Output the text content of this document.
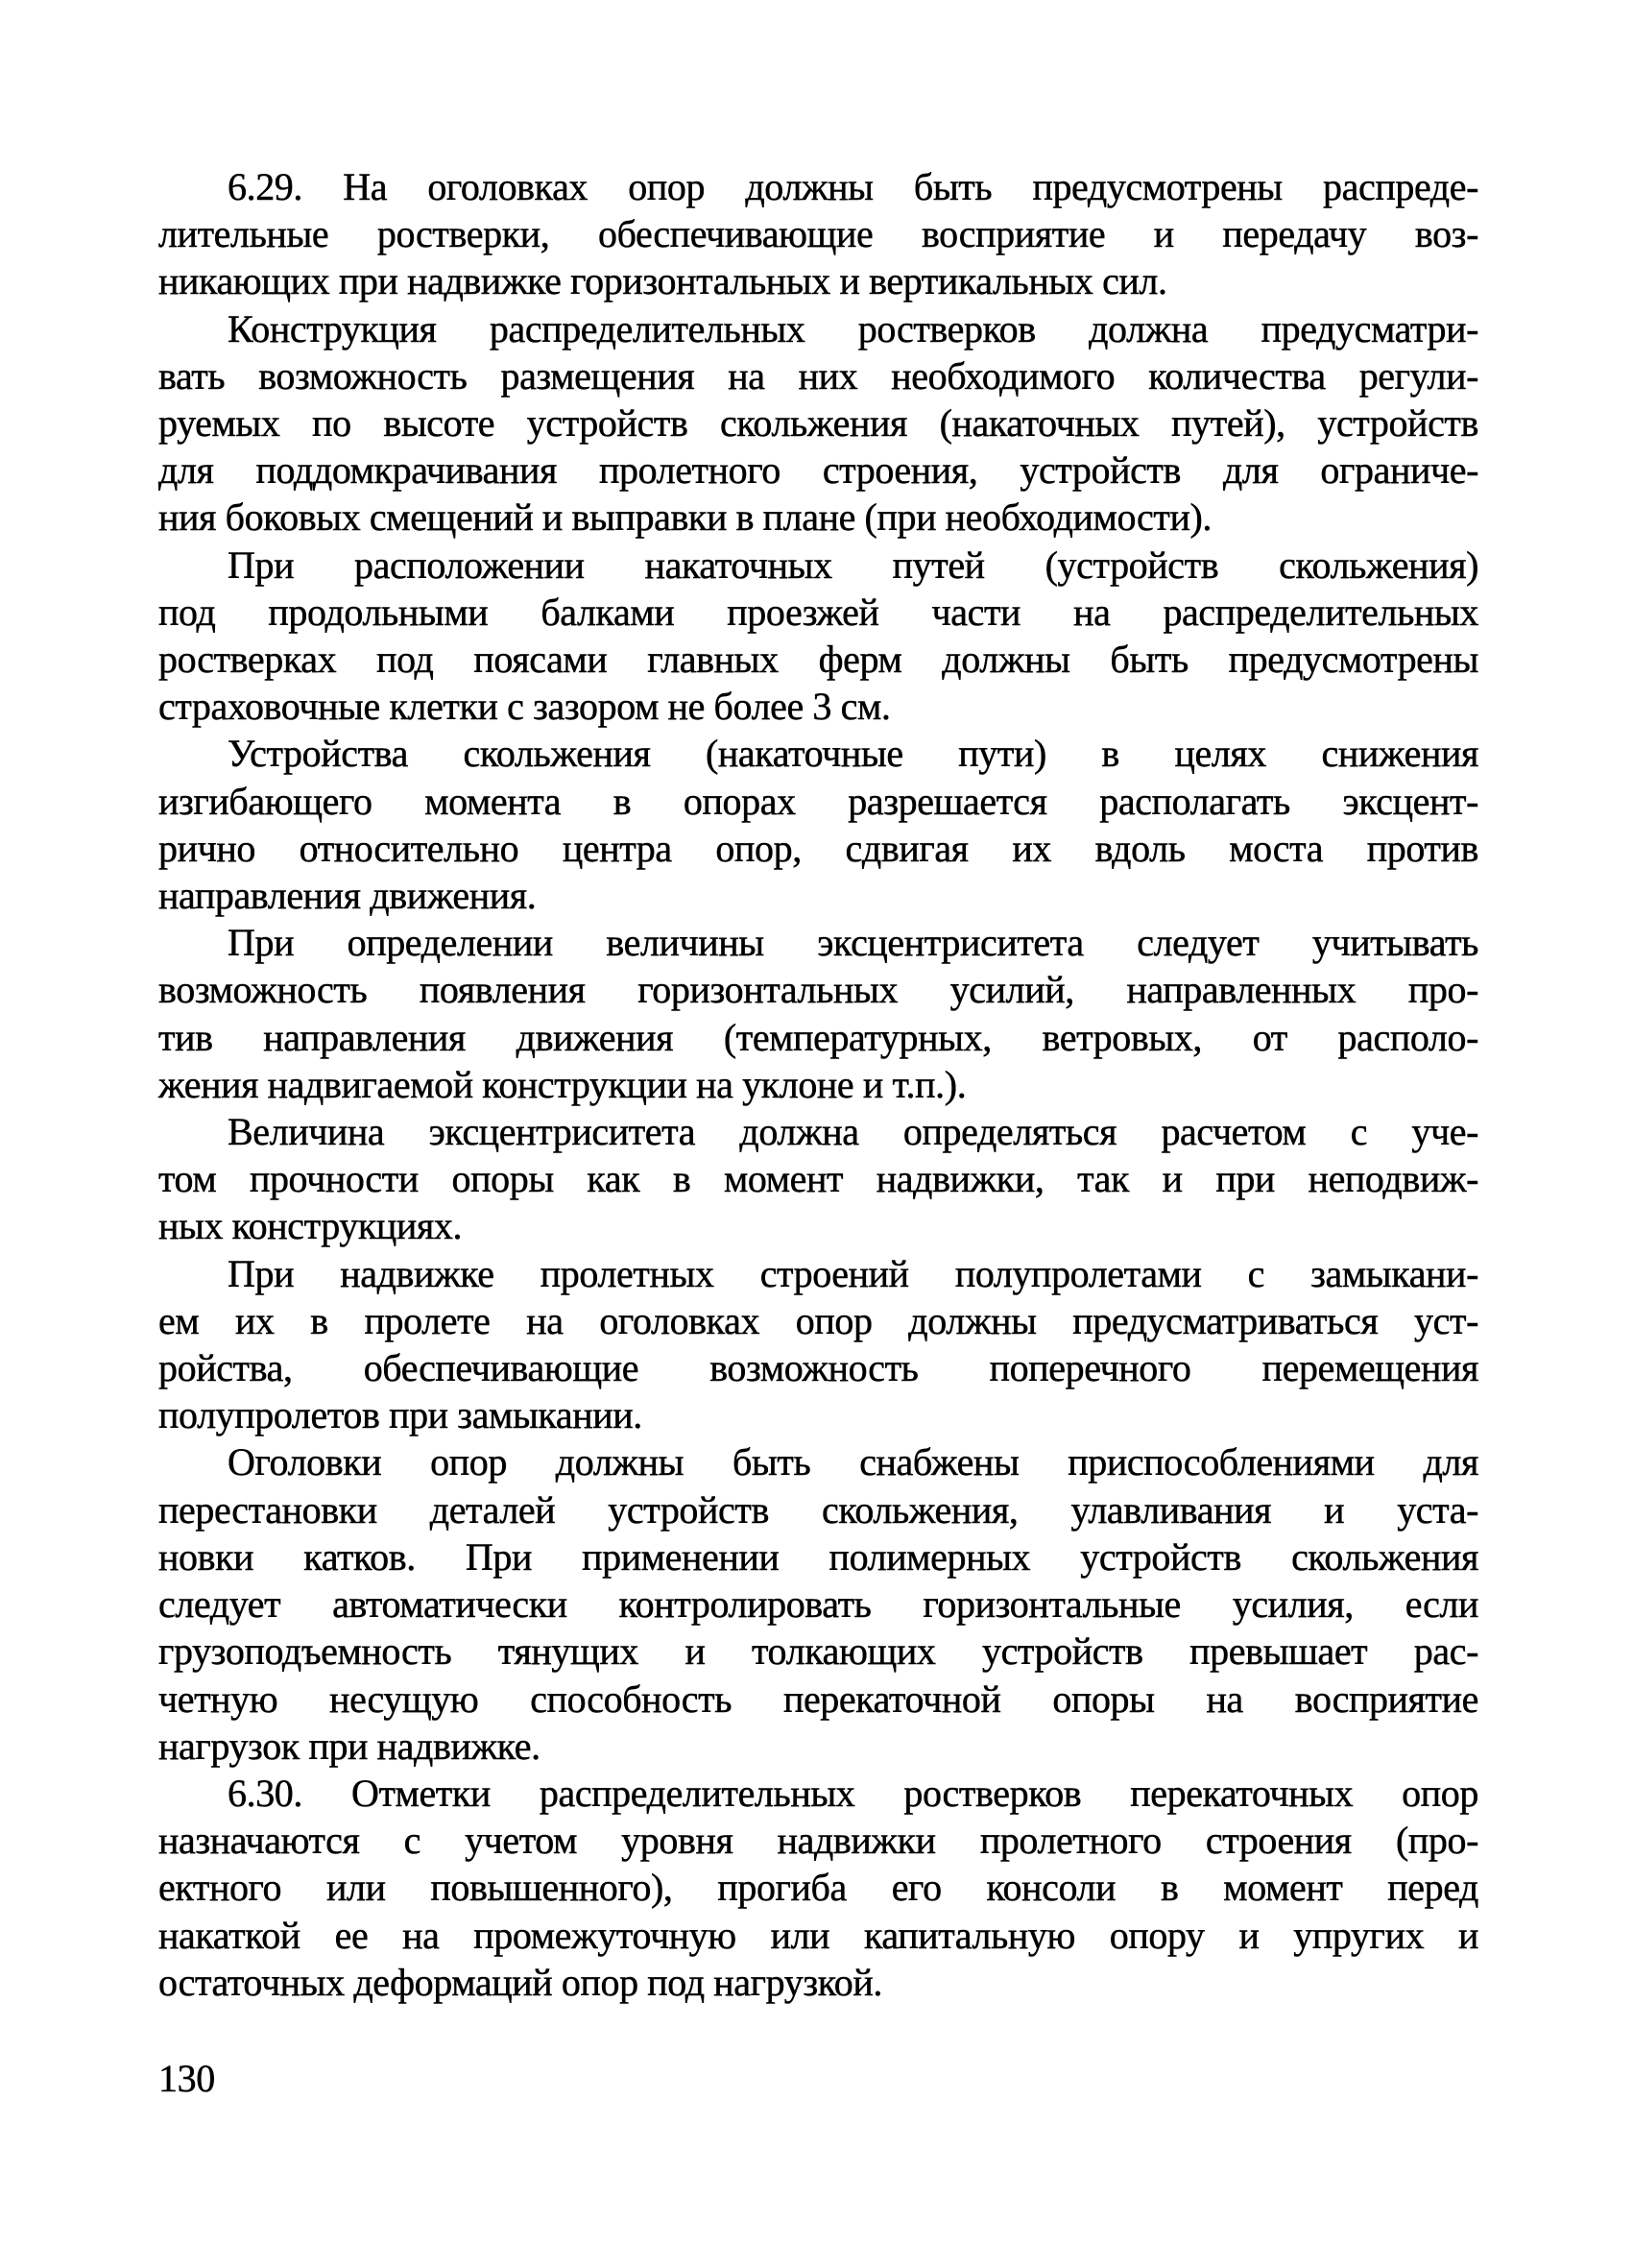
6.29. На оголовках опор должны быть предусмотрены распреде-
лительные ростверки, обеспечивающие восприятие и передачу воз-
никающих при надвижке горизонтальных и вертикальных сил.
Конструкция распределительных ростверков должна предусматри-
вать возможность размещения на них необходимого количества регули-
руемых по высоте устройств скольжения (накаточных путей), устройств
для поддомкрачивания пролетного строения, устройств для ограниче-
ния боковых смещений и выправки в плане (при необходимости).
При расположении накаточных путей (устройств скольжения)
под продольными балками проезжей части на распределительных
ростверках под поясами главных ферм должны быть предусмотрены
страховочные клетки с зазором не более 3 см.
Устройства скольжения (накаточные пути) в целях снижения
изгибающего момента в опорах разрешается располагать эксцент-
рично относительно центра опор, сдвигая их вдоль моста против
направления движения.
При определении величины эксцентриситета следует учитывать
возможность появления горизонтальных усилий, направленных про-
тив направления движения (температурных, ветровых, от располо-
жения надвигаемой конструкции на уклоне и т.п.).
Величина эксцентриситета должна определяться расчетом с уче-
том прочности опоры как в момент надвижки, так и при неподвиж-
ных конструкциях.
При надвижке пролетных строений полупролетами с замыкани-
ем их в пролете на оголовках опор должны предусматриваться уст-
ройства, обеспечивающие возможность поперечного перемещения
полупролетов при замыкании.
Оголовки опор должны быть снабжены приспособлениями для
перестановки деталей устройств скольжения, улавливания и уста-
новки катков. При применении полимерных устройств скольжения
следует автоматически контролировать горизонтальные усилия, если
грузоподъемность тянущих и толкающих устройств превышает рас-
четную несущую способность перекаточной опоры на восприятие
нагрузок при надвижке.
6.30. Отметки распределительных ростверков перекаточных опор
назначаются с учетом уровня надвижки пролетного строения (про-
ектного или повышенного), прогиба его консоли в момент перед
накаткой ее на промежуточную или капитальную опору и упругих и
остаточных деформаций опор под нагрузкой.
130
